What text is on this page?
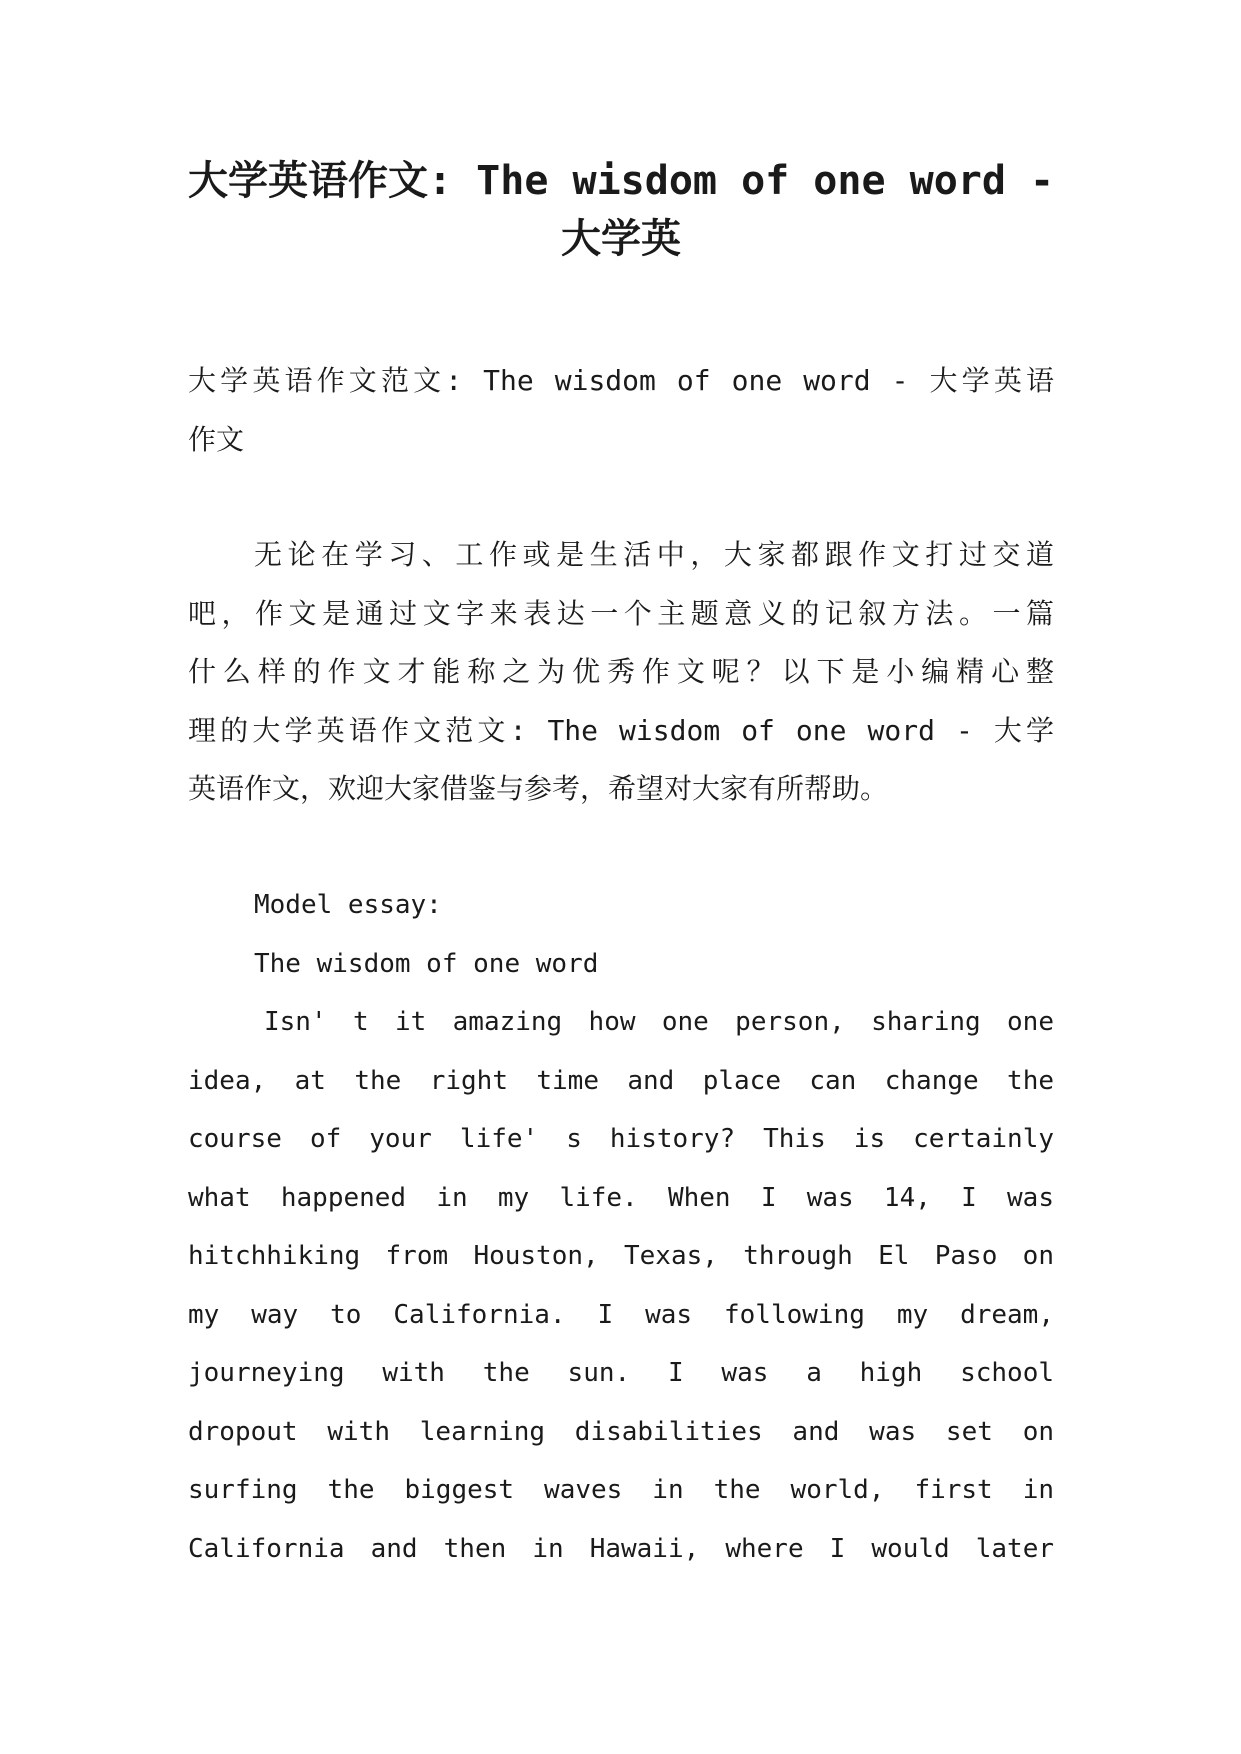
大学英语作文: The wisdom of one word -
大学英
大学英语作文范文: The wisdom of one word - 大学英语
作文
无论在学习、工作或是生活中，大家都跟作文打过交道
吧，作文是通过文字来表达一个主题意义的记叙方法。一篇
什么样的作文才能称之为优秀作文呢？以下是小编精心整
理的大学英语作文范文: The wisdom of one word - 大学
英语作文，欢迎大家借鉴与参考，希望对大家有所帮助。
Model essay:
The wisdom of one word
Isn' t it amazing how one person, sharing one
idea, at the right time and place can change the
course of your life' s history? This is certainly
what happened in my life. When I was 14, I was
hitchhiking from Houston, Texas, through El Paso on
my way to California. I was following my dream,
journeying with the sun. I was a high school
dropout with learning disabilities and was set on
surfing the biggest waves in the world, first in
California and then in Hawaii, where I would later
